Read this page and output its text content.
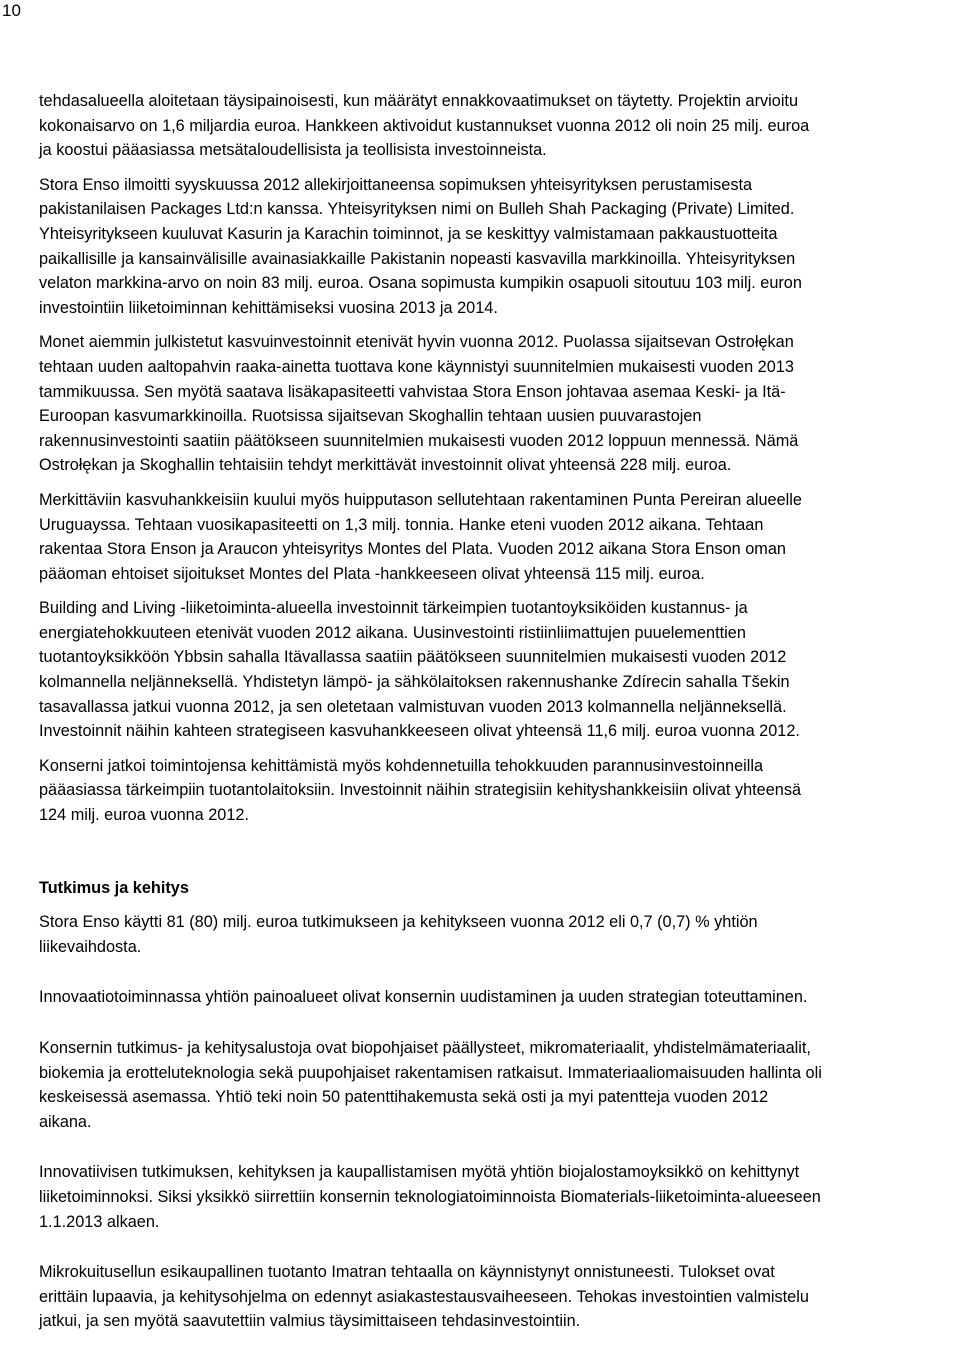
10
tehdasalueella aloitetaan täysipainoisesti, kun määrätyt ennakkovaatimukset on täytetty. Projektin arvioitu
kokonaisarvo on 1,6 miljardia euroa. Hankkeen aktivoidut kustannukset vuonna 2012 oli noin 25 milj. euroa
ja koostui pääasiassa metsätaloudellisista ja teollisista investoinneista.
Stora Enso ilmoitti syyskuussa 2012 allekirjoittaneensa sopimuksen yhteisyrityksen perustamisesta
pakistanilaisen Packages Ltd:n kanssa. Yhteisyrityksen nimi on Bulleh Shah Packaging (Private) Limited.
Yhteisyritykseen kuuluvat Kasurin ja Karachin toiminnot, ja se keskittyy valmistamaan pakkaustuotteita
paikallisille ja kansainvälisille avainasiakkaille Pakistanin nopeasti kasvavilla markkinoilla. Yhteisyrityksen
velaton markkina-arvo on noin 83 milj. euroa. Osana sopimusta kumpikin osapuoli sitoutuu 103 milj. euron
investointiin liiketoiminnan kehittämiseksi vuosina 2013 ja 2014.
Monet aiemmin julkistetut kasvuinvestoinnit etenivät hyvin vuonna 2012. Puolassa sijaitsevan Ostrołękan
tehtaan uuden aaltopahvin raaka-ainetta tuottava kone käynnistyi suunnitelmien mukaisesti vuoden 2013
tammikuussa. Sen myötä saatava lisäkapasiteetti vahvistaa Stora Enson johtavaa asemaa Keski- ja Itä-
Euroopan kasvumarkkinoilla. Ruotsissa sijaitsevan Skoghallin tehtaan uusien puuvarastojen
rakennusinvestointi saatiin päätökseen suunnitelmien mukaisesti vuoden 2012 loppuun mennessä. Nämä
Ostrołękan ja Skoghallin tehtaisiin tehdyt merkittävät investoinnit olivat yhteensä 228 milj. euroa.
Merkittäviin kasvuhankkeisiin kuului myös huipputason sellutehtaan rakentaminen Punta Pereiran alueelle
Uruguayssa. Tehtaan vuosikapasiteetti on 1,3 milj. tonnia. Hanke eteni vuoden 2012 aikana. Tehtaan
rakentaa Stora Enson ja Araucon yhteisyritys Montes del Plata. Vuoden 2012 aikana Stora Enson oman
pääoman ehtoiset sijoitukset Montes del Plata -hankkeeseen olivat yhteensä 115 milj. euroa.
Building and Living -liiketoiminta-alueella investoinnit tärkeimpien tuotantoyksiköiden kustannus- ja
energiatehokkuuteen etenivät vuoden 2012 aikana. Uusinvestointi ristiinliimattujen puuelementtien
tuotantoyksikköön Ybbsin sahalla Itävallassa saatiin päätökseen suunnitelmien mukaisesti vuoden 2012
kolmannella neljänneksellä. Yhdistetyn lämpö- ja sähkölaitoksen rakennushanke Zdírecin sahalla Tšekin
tasavallassa jatkui vuonna 2012, ja sen oletetaan valmistuvan vuoden 2013 kolmannella neljänneksellä.
Investoinnit näihin kahteen strategiseen kasvuhankkeeseen olivat yhteensä 11,6 milj. euroa vuonna 2012.
Konserni jatkoi toimintojensa kehittämistä myös kohdennetuilla tehokkuuden parannusinvestoinneilla
pääasiassa tärkeimpiin tuotantolaitoksiin. Investoinnit näihin strategisiin kehityshankkeisiin olivat yhteensä
124 milj. euroa vuonna 2012.
Tutkimus ja kehitys
Stora Enso käytti 81 (80) milj. euroa tutkimukseen ja kehitykseen vuonna 2012 eli 0,7 (0,7) % yhtiön
liikevaihdosta.
Innovaatiotoiminnassa yhtiön painoalueet olivat konsernin uudistaminen ja uuden strategian toteuttaminen.
Konsernin tutkimus- ja kehitysalustoja ovat biopohjaiset päällysteet, mikromateriaalit, yhdistelmämateriaalit,
biokemia ja erotteluteknologia sekä puupohjaiset rakentamisen ratkaisut. Immateriaaliomaisuuden hallinta oli
keskeisessä asemassa. Yhtiö teki noin 50 patenttihakemusta sekä osti ja myi patentteja vuoden 2012
aikana.
Innovatiivisen tutkimuksen, kehityksen ja kaupallistamisen myötä yhtiön biojalostamoyksikkö on kehittynyt
liiketoiminnoksi. Siksi yksikkö siirrettiin konsernin teknologiatoiminnoista Biomaterials-liiketoiminta-alueeseen
1.1.2013 alkaen.
Mikrokuitusellun esikaupallinen tuotanto Imatran tehtaalla on käynnistynyt onnistuneesti. Tulokset ovat
erittäin lupaavia, ja kehitysohjelma on edennyt asiakastestausvaiheeseen. Tehokas investointien valmistelu
jatkui, ja sen myötä saavutettiin valmius täysimittaiseen tehdasinvestointiin.
